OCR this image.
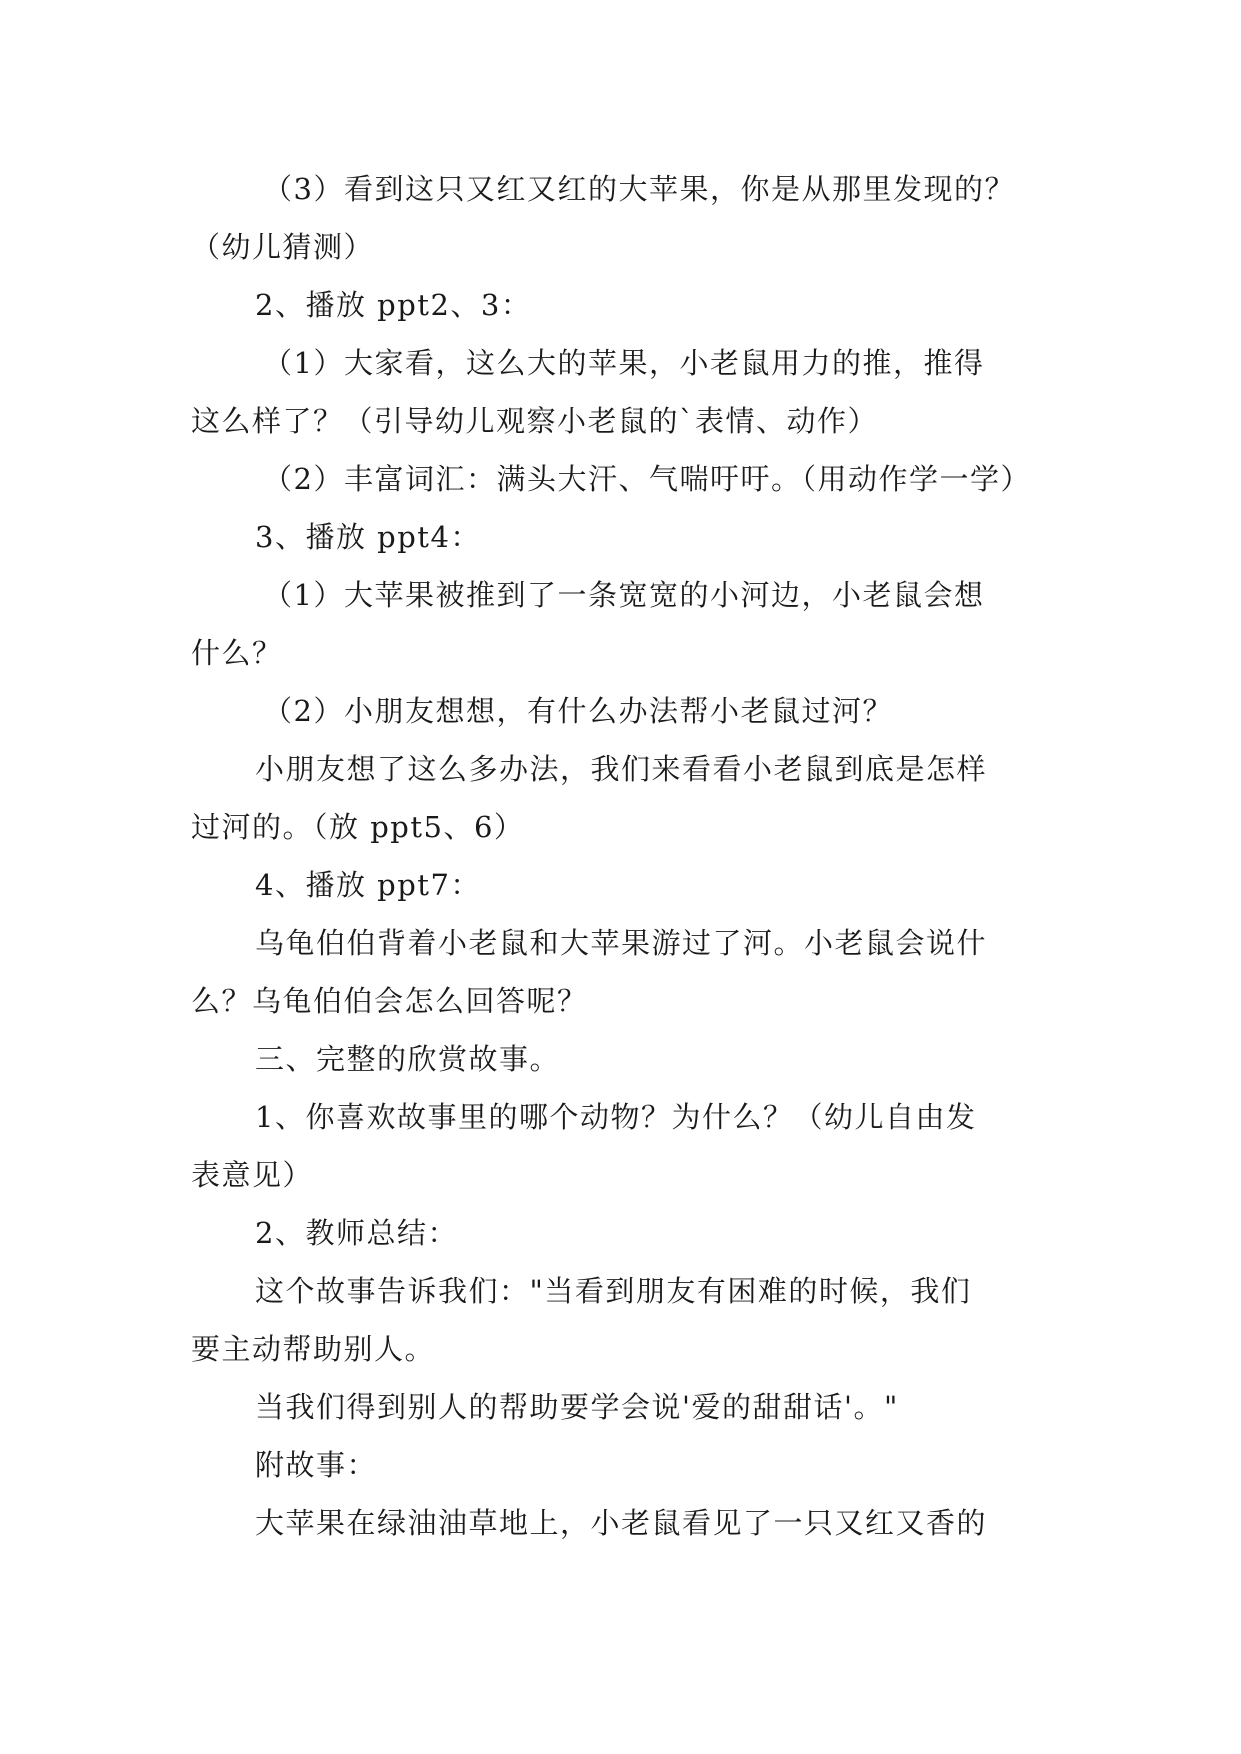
（3）看到这只又红又红的大苹果，你是从那里发现的？
（幼儿猜测）
2、播放 ppt2、3：
（1）大家看，这么大的苹果，小老鼠用力的推，推得
这么样了？（引导幼儿观察小老鼠的`表情、动作）
（2）丰富词汇：满头大汗、气喘吁吁。（用动作学一学）
3、播放 ppt4：
（1）大苹果被推到了一条宽宽的小河边，小老鼠会想
什么？
（2）小朋友想想，有什么办法帮小老鼠过河？
小朋友想了这么多办法，我们来看看小老鼠到底是怎样
过河的。（放 ppt5、6）
4、播放 ppt7：
乌龟伯伯背着小老鼠和大苹果游过了河。小老鼠会说什
么？乌龟伯伯会怎么回答呢？
三、完整的欣赏故事。
1、你喜欢故事里的哪个动物？为什么？（幼儿自由发
表意见）
2、教师总结：
这个故事告诉我们："当看到朋友有困难的时候，我们
要主动帮助别人。
当我们得到别人的帮助要学会说'爱的甜甜话'。"
附故事：
大苹果在绿油油草地上，小老鼠看见了一只又红又香的
